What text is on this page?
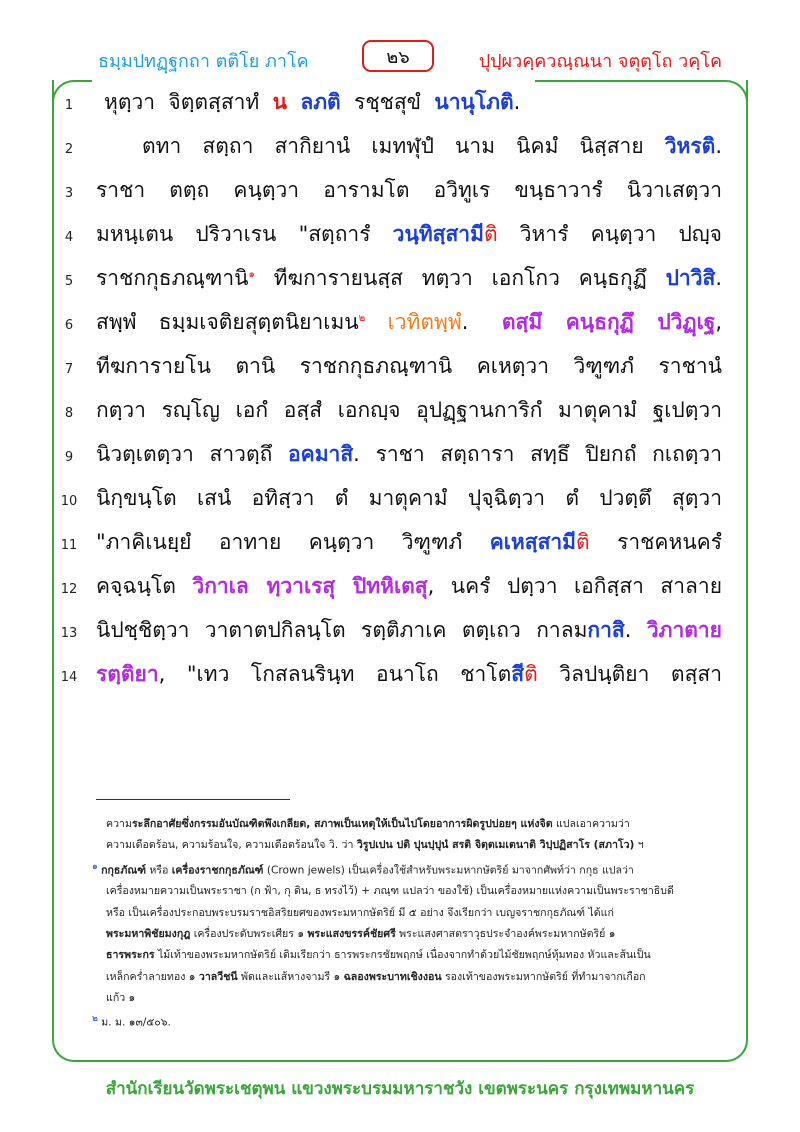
ธมฺมปทฏฺฐกถา ตติโย ภาโค	๒๖	ปุปฺผวคฺควณฺณนา จตุตฺโถ วคฺโค
1	หุตฺวา  จิตฺตสฺสาทํ  น ลภติ  รชฺชสุขํ  นานุโภติ.
2	ตทา  สตฺถา  สากิยานํ  เมทฬุปํ  นาม  นิคมํ  นิสฺสาย  วิหรติ.
3	ราชา  ตตฺถ  คนฺตฺวา  อารามโต  อวิทูเร  ขนฺธาวารํ  นิวาเสตฺวา
4	มหนฺเตน  ปริวาเรน  "สตฺถารํ  วนฺทิสฺสามีติ  วิหารํ  คนฺตฺวา  ปญฺจ
5	ราชกกุธภณฺฑานิ$^๑$  ทีฆการายนสฺส  ทตฺวา  เอกโกว  คนฺธกุฏึ  ปาวิสิ.
6	สพฺพํ  ธมฺมเจติยสุตฺตนิยาเมน$^๒$ เวทิตพฺพํ.   ตสฺมึ  คนฺธกุฏึ  ปวิฏฺเฐ,
7	ทีฆการายโน  ตานิ  ราชกกุธภณฺฑานิ  คเหตฺวา  วิฑูฑภํ  ราชานํ
8	กตฺวา  รญฺโญ  เอกํ  อสฺสํ  เอกญฺจ  อุปฏฺฐานการิกํ  มาตุคามํ  ฐเปตฺวา
9	นิวตฺเตตฺวา  สาวตฺถึ  อคมาสิ.  ราชา  สตฺถารา  สทฺธึ  ปิยกถํ  กเถตฺวา
10 นิกฺขนฺโต  เสนํ  อทิสฺวา  ตํ  มาตุคามํ  ปุจฺฉิตฺวา  ตํ  ปวตฺตึ  สุตฺวา
11 "ภาคิเนยฺยํ  อาทาย  คนฺตฺวา  วิฑูฑภํ  คเหสฺสามีติ  ราชคหนครํ
12 คจฺฉนฺโต  วิกาเล  ทฺวาเรสุ  ปิทหิเตสุ,  นครํ  ปตฺวา  เอกิสฺสา  สาลาย
13 นิปชฺชิตฺวา  วาตาตปกิลนฺโต  รตฺติภาเค  ตตฺเถว  กาลมกาสิ.  วิภาตาย
14 รตฺติยา,  "เทว  โกสลนรินฺท  อนาโถ  ชาโตสีติ  วิลปนฺติยา  ตสฺสา

ความระลึกอาศัยซึ่งกรรมอันบัณฑิตพึงเกลียด, สภาพเป็นเหตุให้เป็นไปโดยอาการผิดรูปบ่อยๆ แห่งจิต แปลเอาความว่า

ความเดือดร้อน, ความร้อนใจ, ความเดือดร้อนใจ วิ. ว่า วิรูปเปน ปติ ปุนปฺปุนํ สรติ จิตฺตเมเตนาติ วิปฺปฏิสาโร (สภาโว) ฯ

$^๑$ กกุธภัณฑ์ หรือ เครื่องราชกกุธภัณฑ์ (Crown jewels) เป็นเครื่องใช้สำหรับพระมหากษัตริย์ มาจากศัพท์ว่า กกุธ แปลว่า

เครื่องหมายความเป็นพระราชา (ก ฟ้า, กุ ดิน, ธ ทรงไว้) + ภณฺฑ แปลว่า ของใช้) เป็นเครื่องหมายแห่งความเป็นพระราชาธิบดี

หรือ เป็นเครื่องประกอบพระบรมราชอิสริยยศของพระมหากษัตริย์ มี ๕ อย่าง จึงเรียกว่า เบญจราชกกุธภัณฑ์ ได้แก่

พระมหาพิชัยมงกุฎ เครื่องประดับพระเศียร ๑ พระแสงขรรค์ชัยศรี พระแสงศาสตราวุธประจำองค์พระมหากษัตริย์ ๑

ธารพระกร ไม้เท้าของพระมหากษัตริย์ เดิมเรียกว่า ธารพระกรชัยพฤกษ์ เนื่องจากทำด้วยไม้ชัยพฤกษ์หุ้มทอง หัวและส้นเป็น

เหล็กคร่ำลายทอง ๑ วาลวีชนี พัดและแส้หางจามรี ๑ ฉลองพระบาทเชิงงอน รองเท้าของพระมหากษัตริย์ ที่ทำมาจากเกือก

แก้ว ๑

$^๒$ ม. ม. ๑๓/๕๐๖.

สำนักเรียนวัดพระเชตุพน แขวงพระบรมมหาราชวัง เขตพระนคร กรุงเทพมหานคร
